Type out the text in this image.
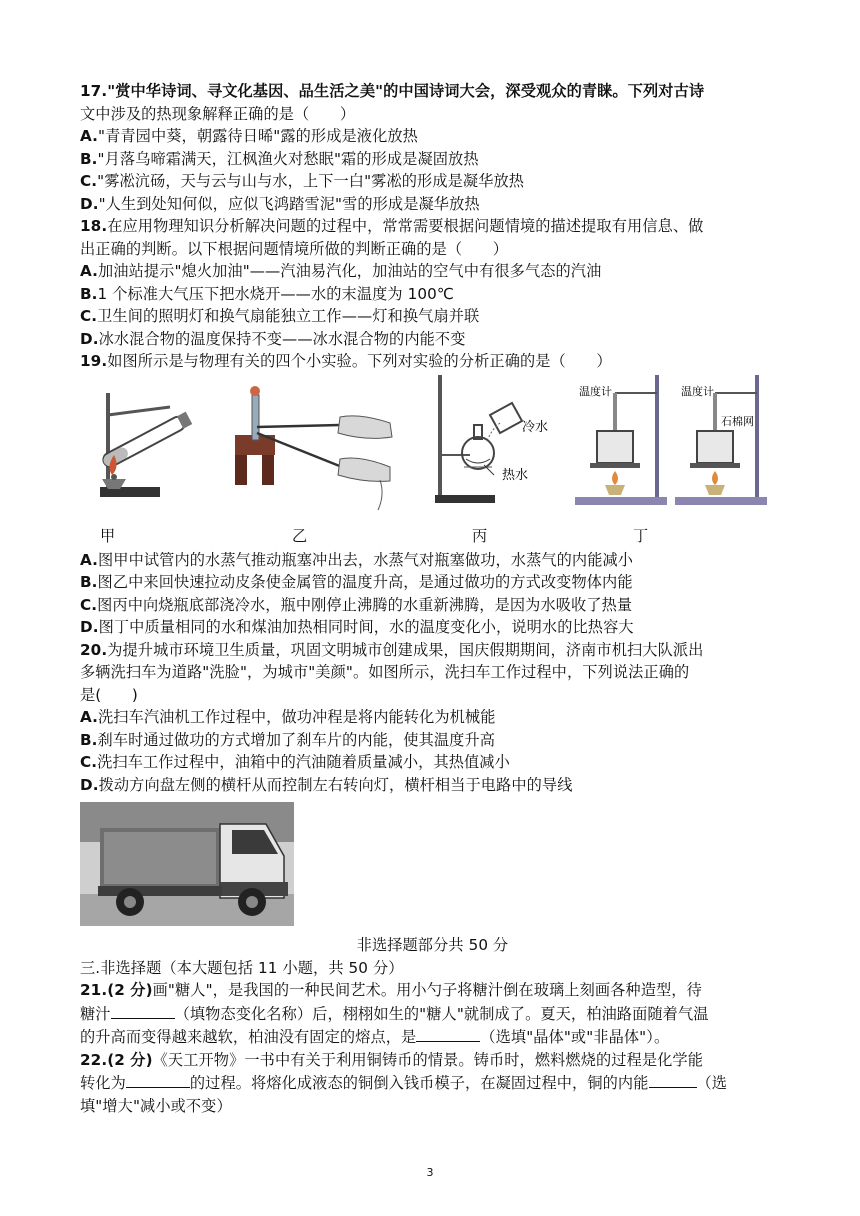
17."赏中华诗词、寻文化基因、品生活之美"的中国诗词大会，深受观众的青睐。下列对古诗
文中涉及的热现象解释正确的是（　　）
A."青青园中葵，朝露待日晞"露的形成是液化放热
B."月落乌啼霜满天，江枫渔火对愁眠"霜的形成是凝固放热
C."雾凇沆砀，天与云与山与水，上下一白"雾凇的形成是凝华放热
D."人生到处知何似，应似飞鸿踏雪泥"雪的形成是凝华放热
18.在应用物理知识分析解决问题的过程中，常常需要根据问题情境的描述提取有用信息、做
出正确的判断。以下根据问题情境所做的判断正确的是（　　）
A.加油站提示"熄火加油"——汽油易汽化，加油站的空气中有很多气态的汽油
B.1 个标准大气压下把水烧开——水的末温度为 100℃
C.卫生间的照明灯和换气扇能独立工作——灯和换气扇并联
D.冰水混合物的温度保持不变——冰水混合物的内能不变
19.如图所示是与物理有关的四个小实验。下列对实验的分析正确的是（　　）
冷水
热水
温度计	温度计
石棉网
甲	乙	丙	丁
A.图甲中试管内的水蒸气推动瓶塞冲出去，水蒸气对瓶塞做功，水蒸气的内能减小
B.图乙中来回快速拉动皮条使金属管的温度升高，是通过做功的方式改变物体内能
C.图丙中向烧瓶底部浇冷水，瓶中刚停止沸腾的水重新沸腾，是因为水吸收了热量
D.图丁中质量相同的水和煤油加热相同时间，水的温度变化小，说明水的比热容大
20.为提升城市环境卫生质量，巩固文明城市创建成果，国庆假期期间，济南市机扫大队派出
多辆洗扫车为道路"洗脸"，为城市"美颜"。如图所示，洗扫车工作过程中，下列说法正确的
是(　　)
A.洗扫车汽油机工作过程中，做功冲程是将内能转化为机械能
B.刹车时通过做功的方式增加了刹车片的内能，使其温度升高
C.洗扫车工作过程中，油箱中的汽油随着质量减小，其热值减小
D.拨动方向盘左侧的横杆从而控制左右转向灯，横杆相当于电路中的导线
非选择题部分共 50 分
三.非选择题（本大题包括 11 小题，共 50 分）
21.(2 分)画"糖人"，是我国的一种民间艺术。用小勺子将糖汁倒在玻璃上刻画各种造型，待
糖汁	（填物态变化名称）后，栩栩如生的"糖人"就制成了。夏天，柏油路面随着气温
的升高而变得越来越软，柏油没有固定的熔点，是	（选填"晶体"或"非晶体"）。
22.(2 分)《天工开物》一书中有关于利用铜铸币的情景。铸币时，燃料燃烧的过程是化学能
转化为	的过程。将熔化成液态的铜倒入钱币模子，在凝固过程中，铜的内能	（选
填"增大"减小或不变）
3
